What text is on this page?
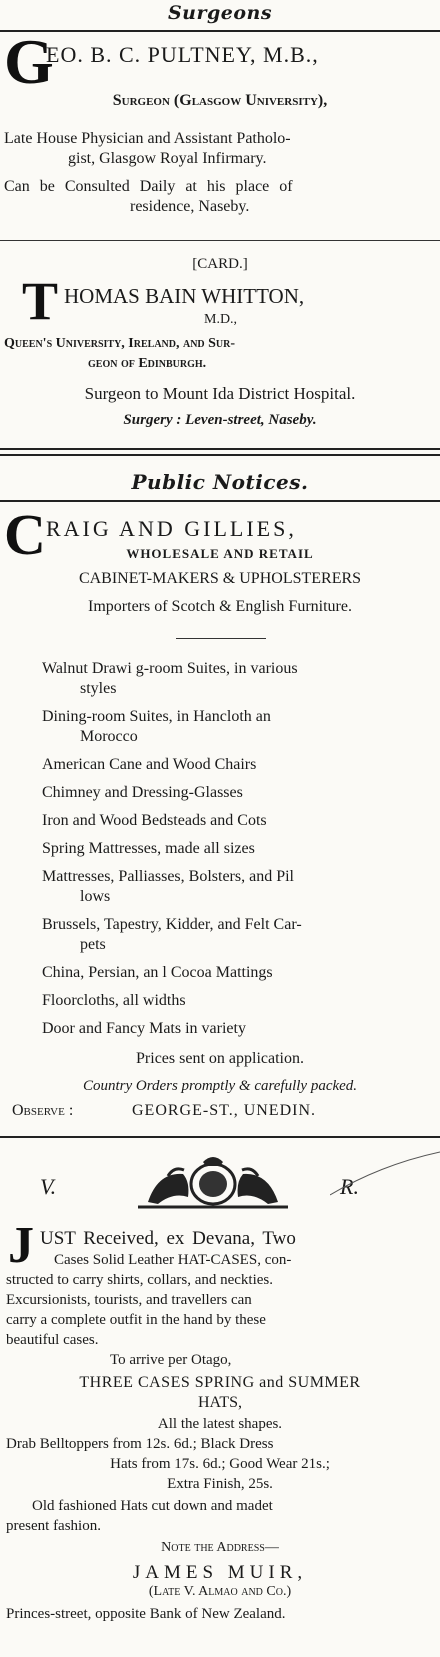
Surgeons
G
EO. B. C. PULTNEY, M.B.,
Surgeon (Glasgow University),
Late House Physician and Assistant Patholo-
gist, Glasgow Royal Infirmary.
Can be Consulted Daily at his place of
residence, Naseby.
[CARD.]
T HOMAS BAIN WHITTON,
M.D.,
Queen's University, Ireland, and Sur-
geon of Edinburgh.
Surgeon to Mount Ida District Hospital.
Surgery : Leven-street, Naseby.
Public Notices.
C RAIG AND GILLIES,
WHOLESALE AND RETAIL
CABINET-MAKERS & UPHOLSTERERS
Importers of Scotch & English Furniture.
Walnut Drawi g-room Suites, in various
styles
Dining-room Suites, in Hancloth an
Morocco
American Cane and Wood Chairs
Chimney and Dressing-Glasses
Iron and Wood Bedsteads and Cots
Spring Mattresses, made all sizes
Mattresses, Palliasses, Bolsters, and Pil
lows
Brussels, Tapestry, Kidder, and Felt Car-
pets
China, Persian, an l Cocoa Mattings
Floorcloths, all widths
Door and Fancy Mats in variety
Prices sent on application.
Country Orders promptly & carefully packed.
Observe :	GEORGE-ST., UNEDIN.
V.	R.
J UST Received, ex Devana, Two
Cases Solid Leather HAT-CASES, con-
structed to carry shirts, collars, and neckties.
Excursionists, tourists, and travellers can
carry a complete outfit in the hand by these
beautiful cases.
To arrive per Otago,
THREE CASES SPRING and SUMMER
HATS,
All the latest shapes.
Drab Belltoppers from 12s. 6d.; Black Dress
Hats from 17s. 6d.; Good Wear 21s.;
Extra Finish, 25s.
Old fashioned Hats cut down and madet
present fashion.
Note the Address—
JAMES MUIR,
(Late V. Almao and Co.)
Princes-street, opposite Bank of New Zealand.
